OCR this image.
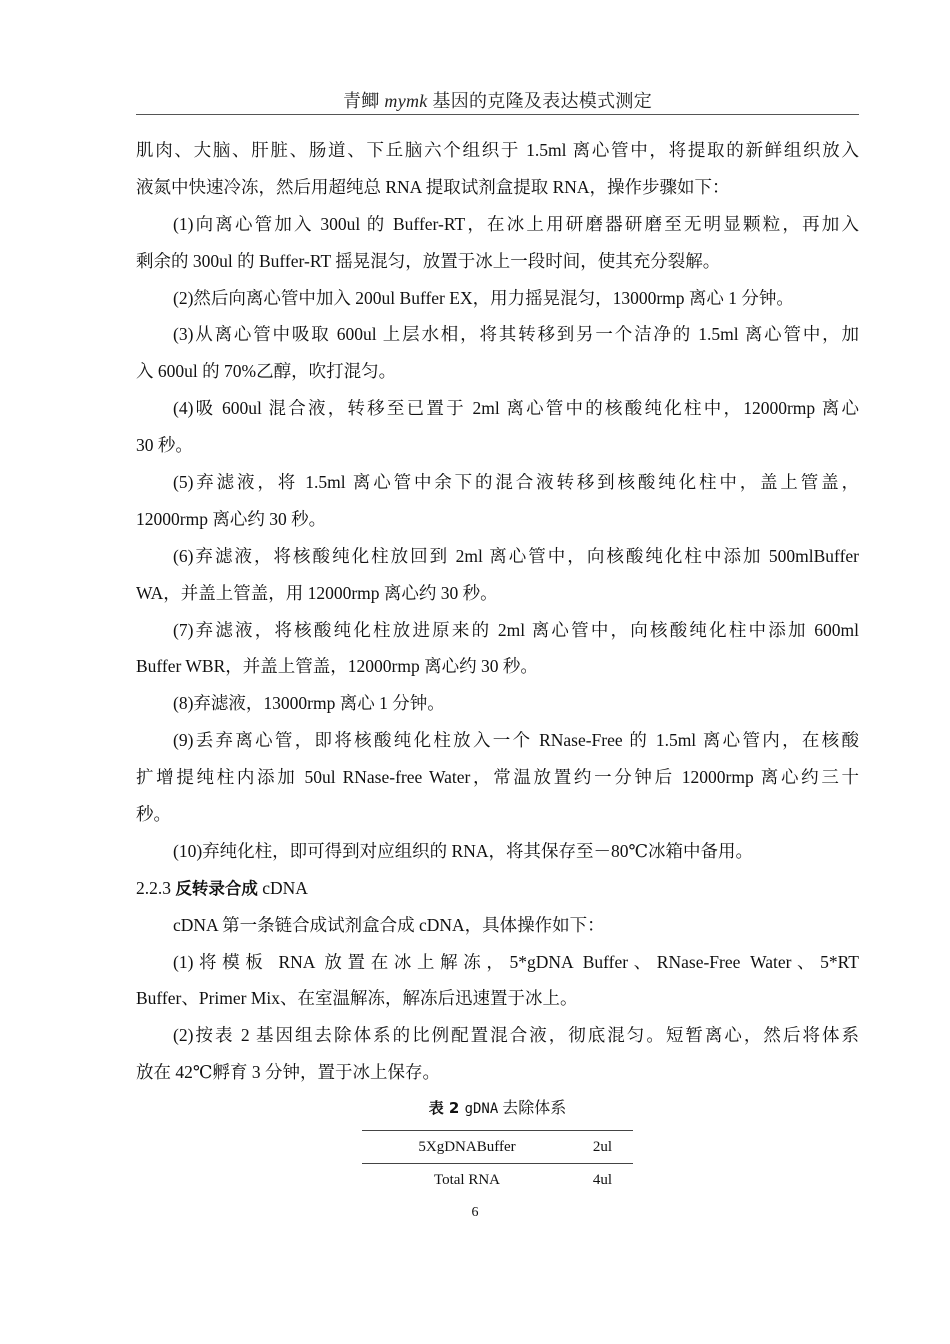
青鲫 mymk 基因的克隆及表达模式测定
肌肉、大脑、肝脏、肠道、下丘脑六个组织于 1.5ml 离心管中，将提取的新鲜组织放入
液氮中快速冷冻，然后用超纯总 RNA 提取试剂盒提取 RNA，操作步骤如下：
(1)向离心管加入 300ul 的 Buffer-RT，在冰上用研磨器研磨至无明显颗粒，再加入
剩余的 300ul 的 Buffer-RT 摇晃混匀，放置于冰上一段时间，使其充分裂解。
(2)然后向离心管中加入 200ul Buffer EX，用力摇晃混匀，13000rmp 离心 1 分钟。
(3)从离心管中吸取 600ul 上层水相，将其转移到另一个洁净的 1.5ml 离心管中，加
入 600ul 的 70%乙醇，吹打混匀。
(4)吸 600ul 混合液，转移至已置于 2ml 离心管中的核酸纯化柱中，12000rmp 离心
30 秒。
(5)弃滤液，将 1.5ml 离心管中余下的混合液转移到核酸纯化柱中，盖上管盖，
12000rmp 离心约 30 秒。
(6)弃滤液，将核酸纯化柱放回到 2ml 离心管中，向核酸纯化柱中添加 500mlBuffer
WA，并盖上管盖，用 12000rmp 离心约 30 秒。
(7)弃滤液，将核酸纯化柱放进原来的 2ml 离心管中，向核酸纯化柱中添加 600ml
Buffer WBR，并盖上管盖，12000rmp 离心约 30 秒。
(8)弃滤液，13000rmp 离心 1 分钟。
(9)丢弃离心管，即将核酸纯化柱放入一个 RNase-Free 的 1.5ml 离心管内，在核酸
扩增提纯柱内添加 50ul RNase-free Water，常温放置约一分钟后 12000rmp 离心约三十
秒。
(10)弃纯化柱，即可得到对应组织的 RNA，将其保存至－80℃冰箱中备用。
2.2.3 反转录合成 cDNA
cDNA 第一条链合成试剂盒合成 cDNA，具体操作如下：
(1)将模板 RNA 放置在冰上解冻，5*gDNA Buffer、RNase-Free Water、5*RT
Buffer、Primer Mix、在室温解冻，解冻后迅速置于冰上。
(2)按表 2 基因组去除体系的比例配置混合液，彻底混匀。短暂离心，然后将体系
放在 42℃孵育 3 分钟，置于冰上保存。
表 2 gDNA 去除体系
5XgDNABuffer	2ul
Total RNA	4ul
6
